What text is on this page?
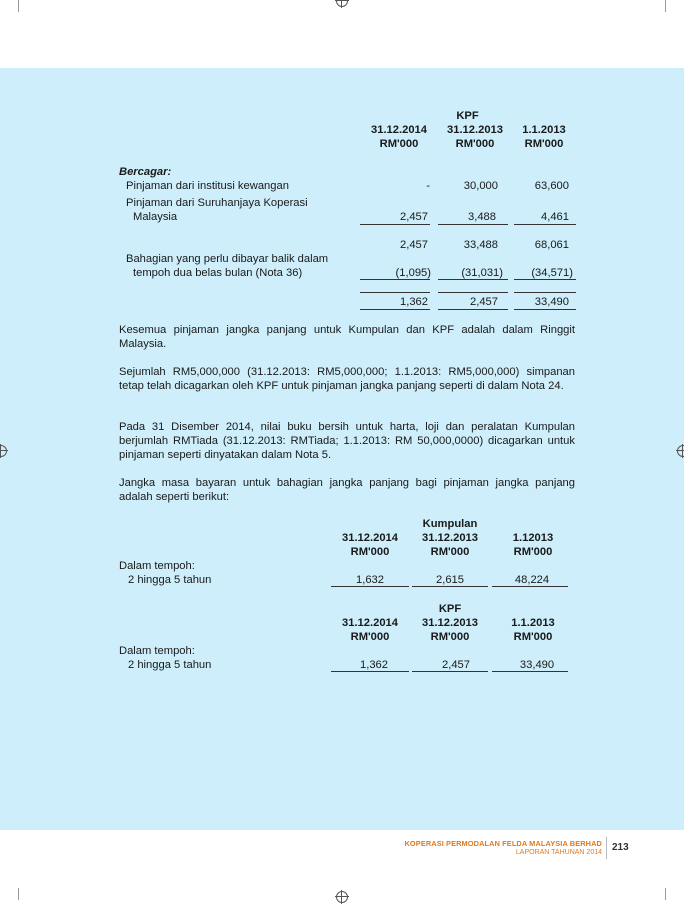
KPF
31.12.2014	31.12.2013	1.1.2013
RM'000	RM'000	RM'000
Bercagar:
Pinjaman dari institusi kewangan	-	30,000	63,600
Pinjaman dari Suruhanjaya Koperasi
Malaysia	2,457	3,488	4,461
2,457	33,488	68,061
Bahagian yang perlu dibayar balik dalam
tempoh dua belas bulan (Nota 36)	(1,095)	(31,031)	(34,571)
1,362	2,457	33,490
Kesemua pinjaman jangka panjang untuk Kumpulan dan KPF adalah dalam Ringgit Malaysia.
Sejumlah RM5,000,000 (31.12.2013: RM5,000,000; 1.1.2013: RM5,000,000) simpanan tetap telah dicagarkan oleh KPF untuk pinjaman jangka panjang seperti di dalam Nota 24.
Pada 31 Disember 2014, nilai buku bersih untuk harta, loji dan peralatan Kumpulan berjumlah RMTiada (31.12.2013: RMTiada; 1.1.2013: RM 50,000,0000) dicagarkan untuk pinjaman seperti dinyatakan dalam Nota 5.
Jangka masa bayaran untuk bahagian jangka panjang bagi pinjaman jangka panjang adalah seperti berikut:
Kumpulan
31.12.2014	31.12.2013	1.12013
RM'000	RM'000	RM'000
Dalam tempoh:
2 hingga 5 tahun	1,632	2,615	48,224
KPF
31.12.2014	31.12.2013	1.1.2013
RM'000	RM'000	RM'000
Dalam tempoh:
2 hingga 5 tahun	1,362	2,457	33,490
KOPERASI PERMODALAN FELDA MALAYSIA BERHAD
LAPORAN TAHUNAN 2014 213
